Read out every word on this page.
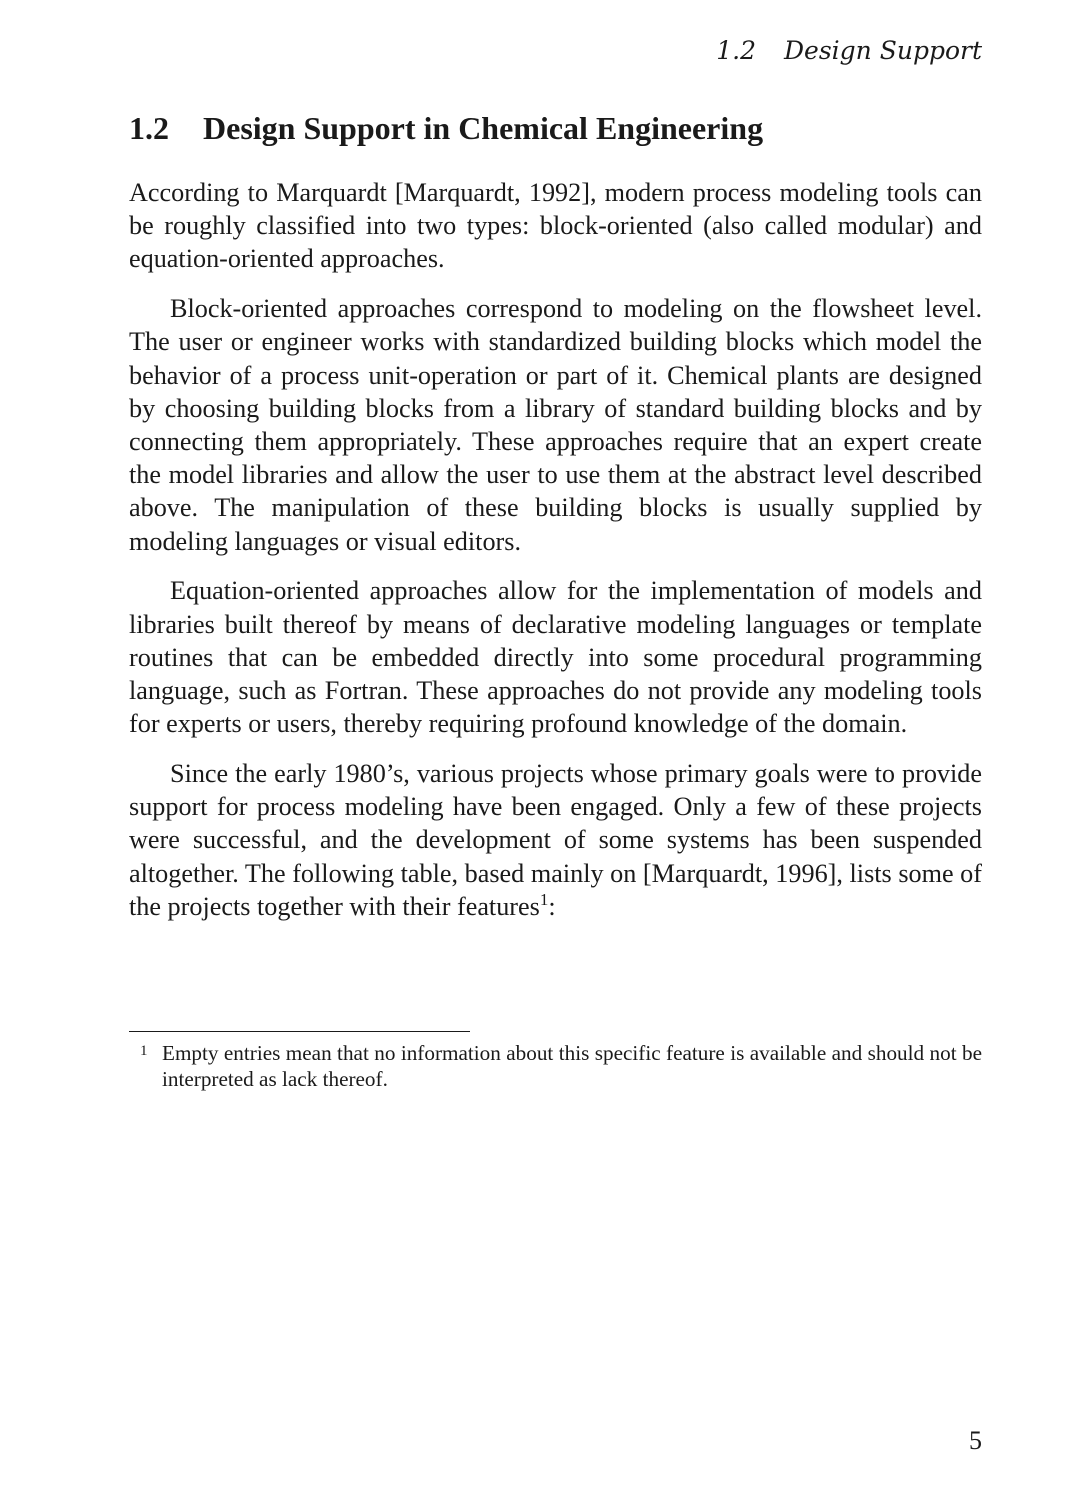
1.2 Design Support
1.2 Design Support in Chemical Engineering

According to Marquardt [Marquardt, 1992], modern process modeling tools can be roughly classified into two types: block-oriented (also called modular) and equation-oriented approaches.

Block-oriented approaches correspond to modeling on the flowsheet level. The user or engineer works with standardized building blocks which model the behavior of a process unit-operation or part of it. Chemical plants are designed by choosing building blocks from a library of standard building blocks and by connecting them appropriately. These approaches require that an expert create the model libraries and allow the user to use them at the abstract level described above. The manipulation of these building blocks is usually supplied by modeling languages or visual editors.

Equation-oriented approaches allow for the implementation of models and libraries built thereof by means of declarative modeling languages or template routines that can be embedded directly into some procedural programming language, such as Fortran. These approaches do not provide any modeling tools for experts or users, thereby requiring profound knowledge of the domain.

Since the early 1980’s, various projects whose primary goals were to provide support for process modeling have been engaged. Only a few of these projects were successful, and the development of some systems has been suspended altogether. The following table, based mainly on [Marquardt, 1996], lists some of the projects together with their features$^1$:

1 Empty entries mean that no information about this specific feature is available and should not be interpreted as lack thereof.
5
